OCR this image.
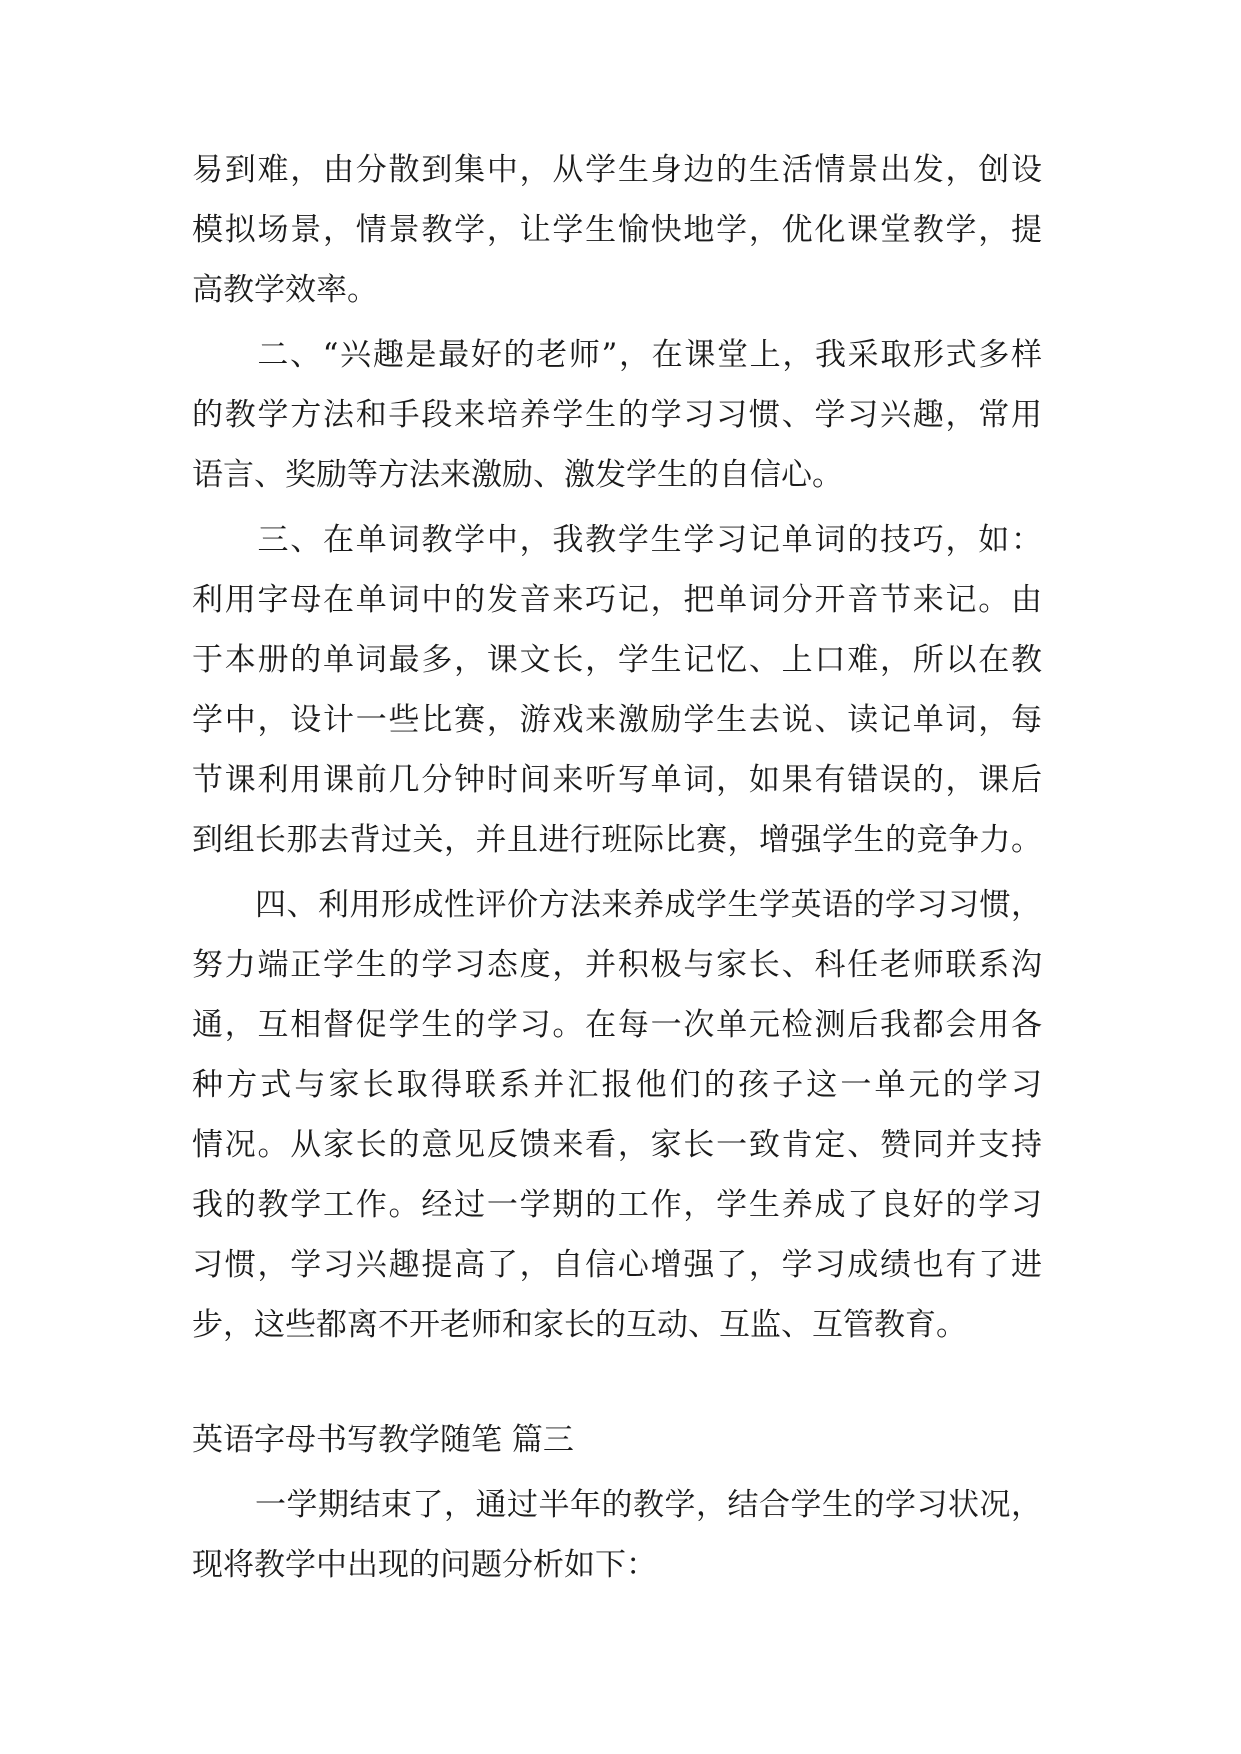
易到难，由分散到集中，从学生身边的生活情景出发，创设
模拟场景，情景教学，让学生愉快地学，优化课堂教学，提
高教学效率。
　　二、“兴趣是最好的老师”，在课堂上，我采取形式多样
的教学方法和手段来培养学生的学习习惯、学习兴趣，常用
语言、奖励等方法来激励、激发学生的自信心。
　　三、在单词教学中，我教学生学习记单词的技巧，如：
利用字母在单词中的发音来巧记，把单词分开音节来记。由
于本册的单词最多，课文长，学生记忆、上口难，所以在教
学中，设计一些比赛，游戏来激励学生去说、读记单词，每
节课利用课前几分钟时间来听写单词，如果有错误的，课后
到组长那去背过关，并且进行班际比赛，增强学生的竞争力。
　　四、利用形成性评价方法来养成学生学英语的学习习惯，
努力端正学生的学习态度，并积极与家长、科任老师联系沟
通，互相督促学生的学习。在每一次单元检测后我都会用各
种方式与家长取得联系并汇报他们的孩子这一单元的学习
情况。从家长的意见反馈来看，家长一致肯定、赞同并支持
我的教学工作。经过一学期的工作，学生养成了良好的学习
习惯，学习兴趣提高了，自信心增强了，学习成绩也有了进
步，这些都离不开老师和家长的互动、互监、互管教育。
英语字母书写教学随笔 篇三
　　一学期结束了，通过半年的教学，结合学生的学习状况，
现将教学中出现的问题分析如下：
